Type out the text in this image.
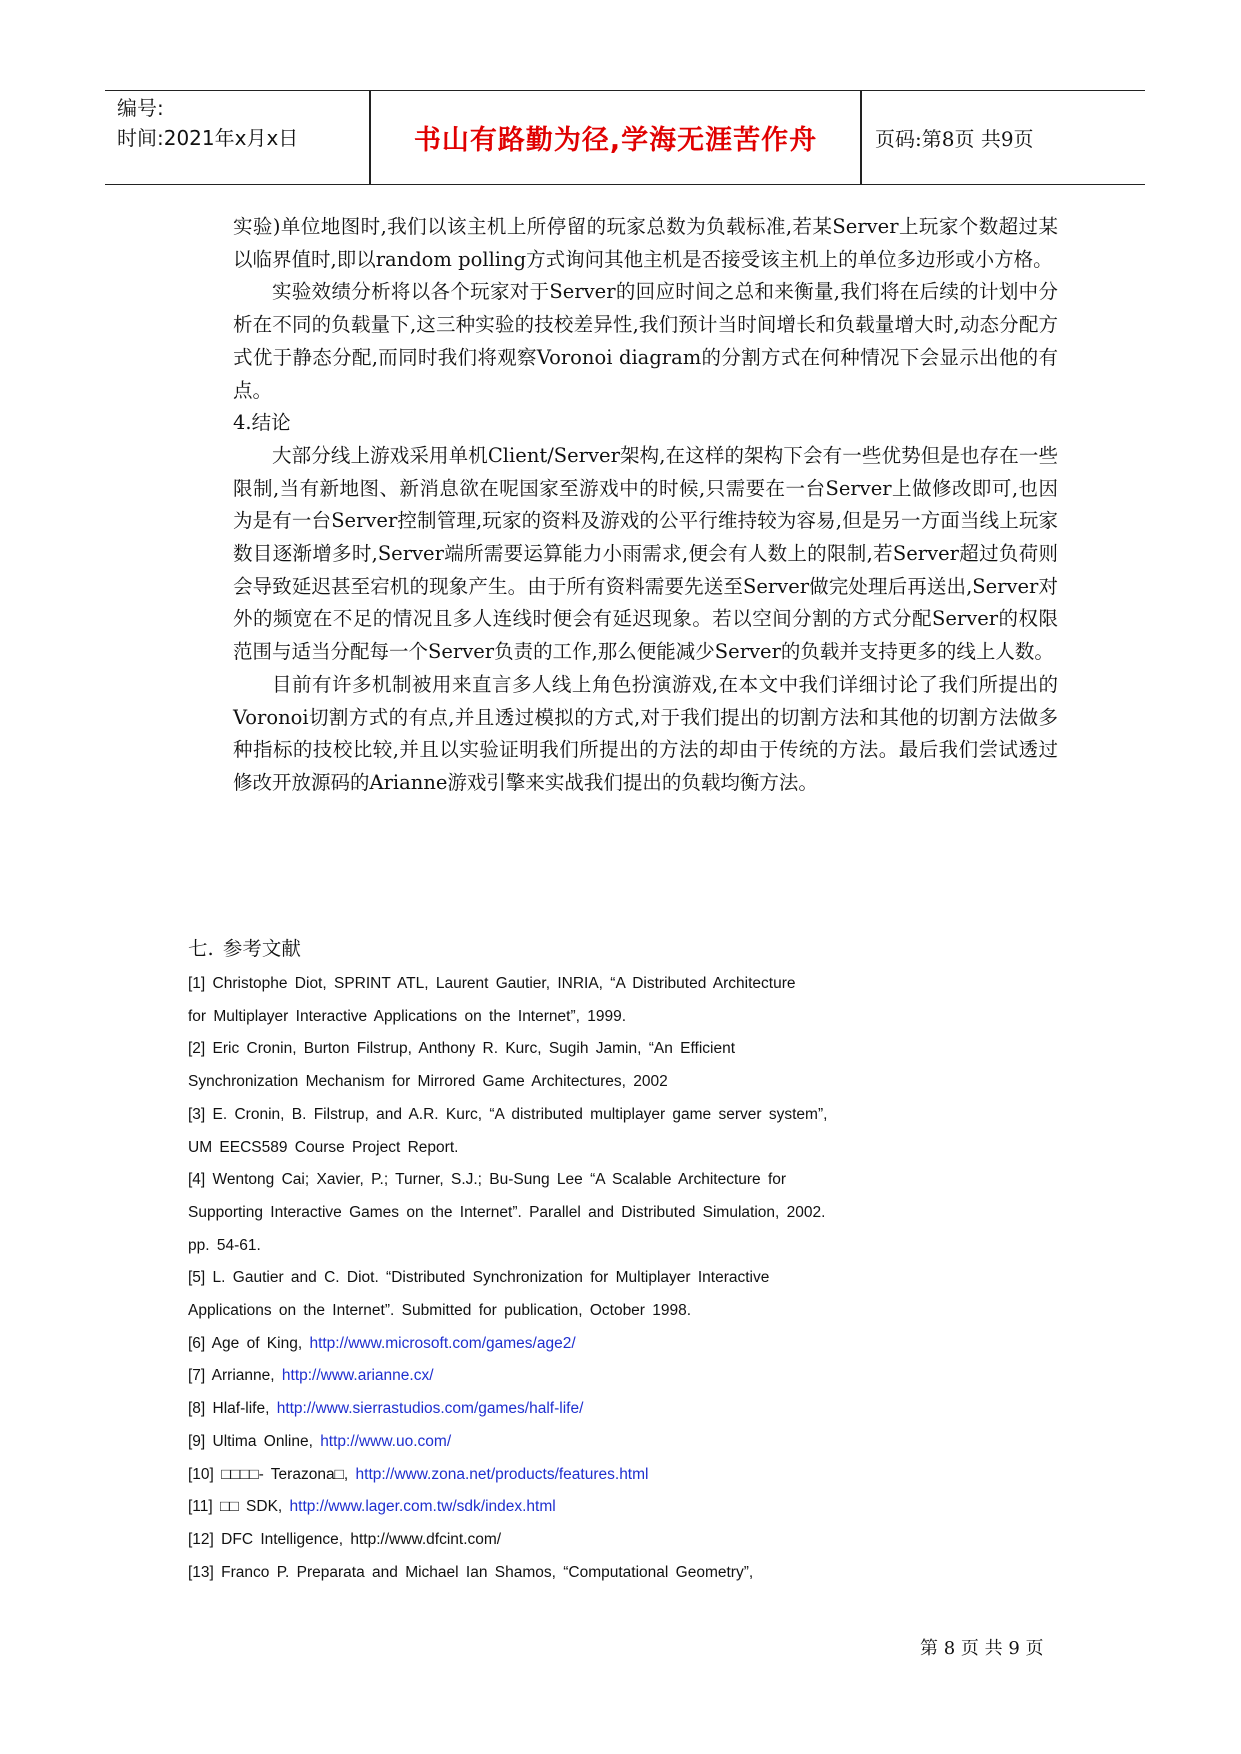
编号:
时间:2021年x月x日	书山有路勤为径,学海无涯苦作舟	页码:第8页 共9页

实验)单位地图时,我们以该主机上所停留的玩家总数为负载标准,若某Server上玩家个数超过某以临界值时,即以random polling方式询问其他主机是否接受该主机上的单位多边形或小方格。

实验效绩分析将以各个玩家对于Server的回应时间之总和来衡量,我们将在后续的计划中分析在不同的负载量下,这三种实验的技校差异性,我们预计当时间增长和负载量增大时,动态分配方式优于静态分配,而同时我们将观察Voronoi diagram的分割方式在何种情况下会显示出他的有点。

4.结论

大部分线上游戏采用单机Client/Server架构,在这样的架构下会有一些优势但是也存在一些限制,当有新地图、新消息欲在呢国家至游戏中的时候,只需要在一台Server上做修改即可,也因为是有一台Server控制管理,玩家的资料及游戏的公平行维持较为容易,但是另一方面当线上玩家数目逐渐增多时,Server端所需要运算能力小雨需求,便会有人数上的限制,若Server超过负荷则会导致延迟甚至宕机的现象产生。由于所有资料需要先送至Server做完处理后再送出,Server对外的频宽在不足的情况且多人连线时便会有延迟现象。若以空间分割的方式分配Server的权限范围与适当分配每一个Server负责的工作,那么便能减少Server的负载并支持更多的线上人数。

目前有许多机制被用来直言多人线上角色扮演游戏,在本文中我们详细讨论了我们所提出的Voronoi切割方式的有点,并且透过模拟的方式,对于我们提出的切割方法和其他的切割方法做多种指标的技校比较,并且以实验证明我们所提出的方法的却由于传统的方法。最后我们尝试透过修改开放源码的Arianne游戏引擎来实战我们提出的负载均衡方法。

七. 参考文献
[1] Christophe Diot, SPRINT ATL, Laurent Gautier, INRIA, “A Distributed Architecture
for Multiplayer Interactive Applications on the Internet”, 1999.
[2] Eric Cronin, Burton Filstrup, Anthony R. Kurc, Sugih Jamin, “An Efficient
Synchronization Mechanism for Mirrored Game Architectures, 2002
[3] E. Cronin, B. Filstrup, and A.R. Kurc, “A distributed multiplayer game server system”,
UM EECS589 Course Project Report.
[4] Wentong Cai; Xavier, P.; Turner, S.J.; Bu-Sung Lee “A Scalable Architecture for
Supporting Interactive Games on the Internet”. Parallel and Distributed Simulation, 2002.
pp. 54-61.
[5] L. Gautier and C. Diot. “Distributed Synchronization for Multiplayer Interactive
Applications on the Internet”. Submitted for publication, October 1998.
[6] Age of King, http://www.microsoft.com/games/age2/
[7] Arrianne, http://www.arianne.cx/
[8] Hlaf-life, http://www.sierrastudios.com/games/half-life/
[9] Ultima Online, http://www.uo.com/
[10] □□□□- Terazona□, http://www.zona.net/products/features.html
[11] □□ SDK, http://www.lager.com.tw/sdk/index.html
[12] DFC Intelligence, http://www.dfcint.com/
[13] Franco P. Preparata and Michael Ian Shamos, “Computational Geometry”,
第 8 页 共 9 页
